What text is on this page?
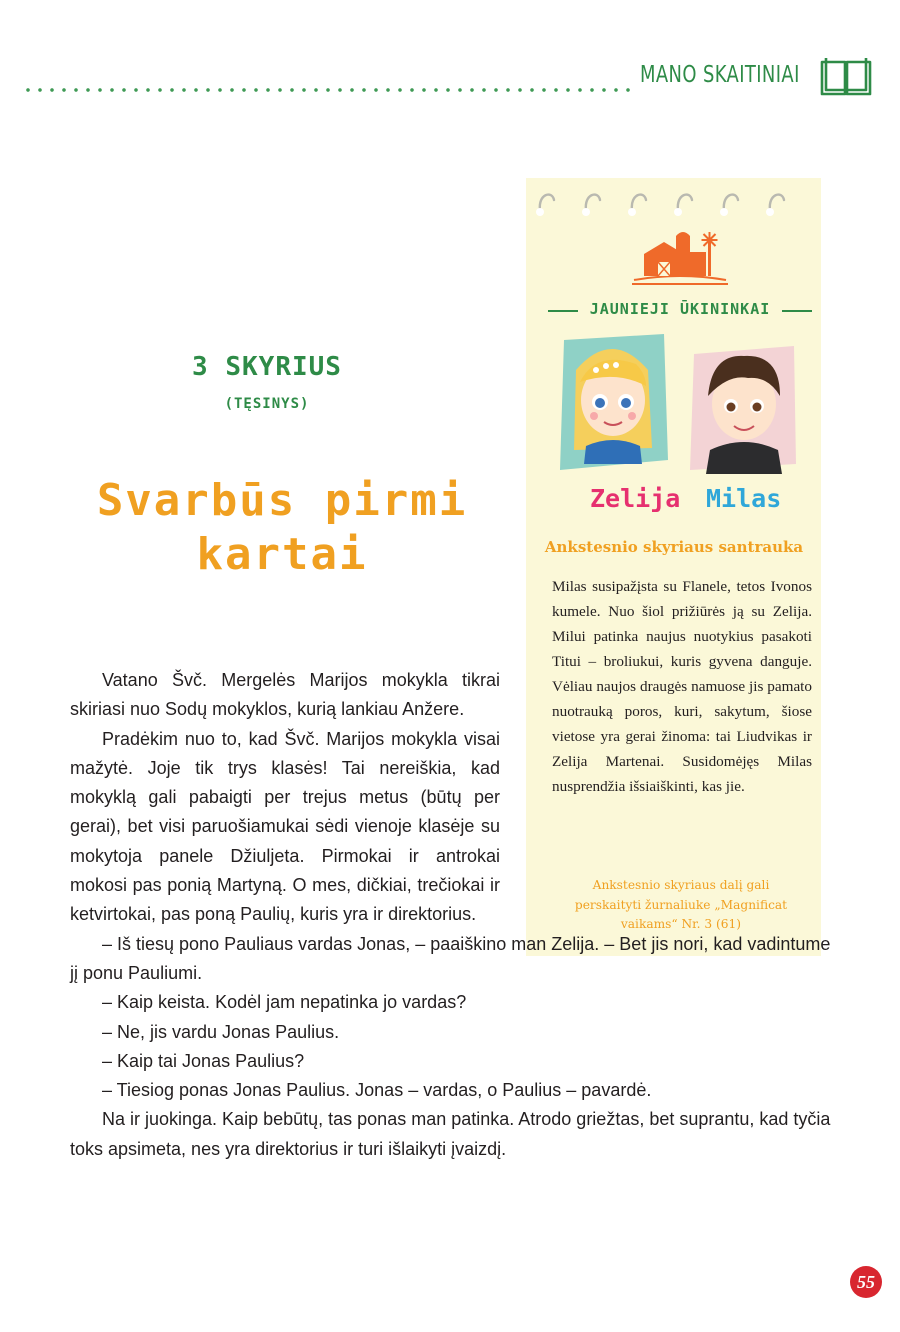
MANO SKAITINIAI
3 SKYRIUS
(TĘSINYS)
Svarbūs pirmi
kartai
JAUNIEJI ŪKININKAI
Zelija Milas
Ankstesnio skyriaus santrauka
Milas susipažįsta su Flanele, tetos Ivonos kumele. Nuo šiol prižiūrės ją su Zelija. Milui patinka naujus nuotykius pasakoti Titui – broliukui, kuris gyvena danguje. Vėliau naujos draugės namuose jis pamato nuotrauką poros, kuri, sakytum, šiose vietose yra gerai žinoma: tai Liudvikas ir Zelija Martenai. Susidomėjęs Milas nusprendžia išsiaiškinti, kas jie.
Ankstesnio skyriaus dalį gali perskaityti žurnaliuke „Magnificat vaikams“ Nr. 3 (61)

Vatano Švč. Mergelės Marijos mokykla tikrai skiriasi nuo Sodų mokyklos, kurią lankiau Anžere.

Pradėkim nuo to, kad Švč. Marijos mokykla visai mažytė. Joje tik trys klasės! Tai nereiškia, kad mokyklą gali pabaigti per trejus metus (būtų per gerai), bet visi paruošiamukai sėdi vienoje klasėje su mokytoja panele Džiuljeta. Pirmokai ir antrokai mokosi pas ponią Martyną. O mes, dičkiai, trečiokai ir ketvirtokai, pas poną Paulių, kuris yra ir direktorius.

– Iš tiesų pono Pauliaus vardas Jonas, – paaiškino man Zelija. – Bet jis nori, kad vadintume jį ponu Pauliumi.

– Kaip keista. Kodėl jam nepatinka jo vardas?

– Ne, jis vardu Jonas Paulius.

– Kaip tai Jonas Paulius?

– Tiesiog ponas Jonas Paulius. Jonas – vardas, o Paulius – pavardė.

Na ir juokinga. Kaip bebūtų, tas ponas man patinka. Atrodo griežtas, bet suprantu, kad tyčia toks apsimeta, nes yra direktorius ir turi išlaikyti įvaizdį.

55
